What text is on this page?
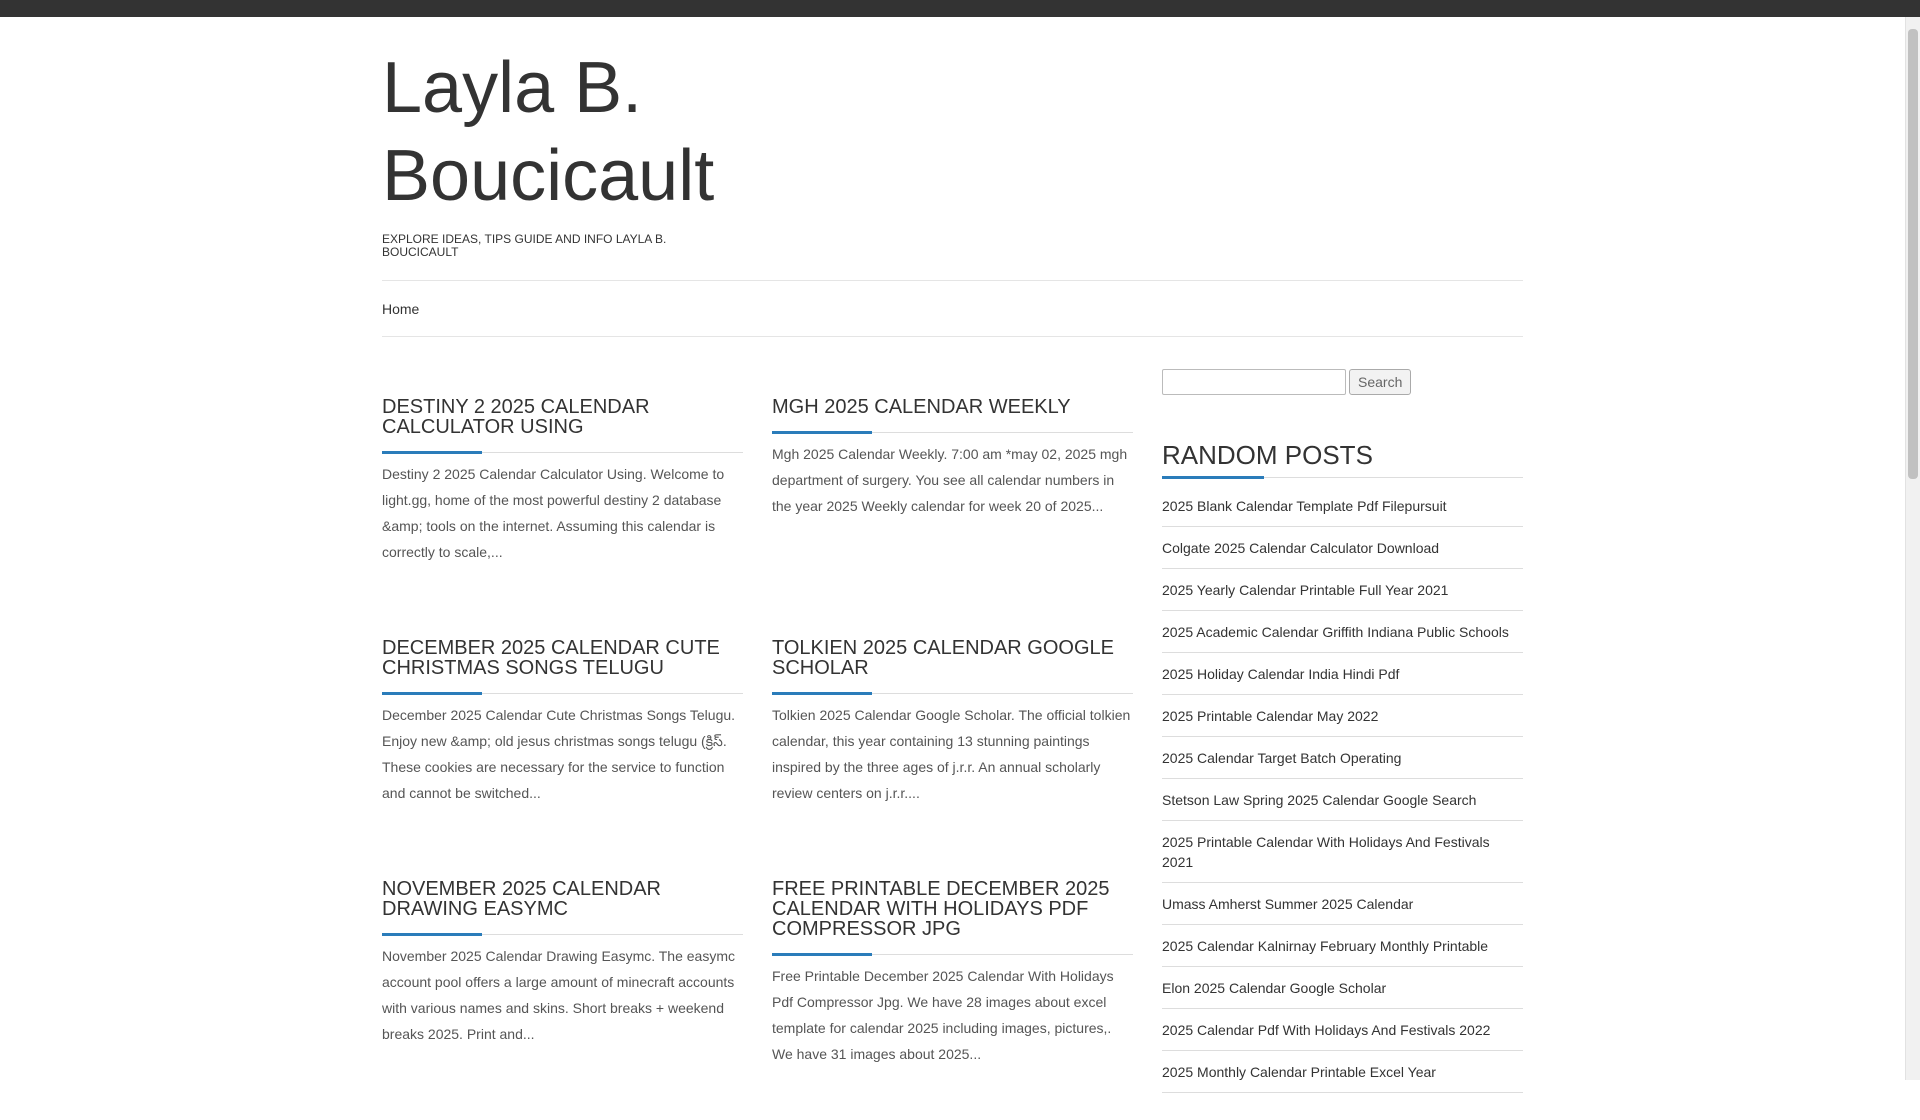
Layla B. Boucicault
EXPLORE IDEAS, TIPS GUIDE AND INFO LAYLA B. BOUCICAULT
Home
DESTINY 2 2025 CALENDAR CALCULATOR USING

Destiny 2 2025 Calendar Calculator Using. Welcome to light.gg, home of the most powerful destiny 2 database &amp; tools on the internet. Assuming this calendar is correctly to scale,...

MGH 2025 CALENDAR WEEKLY

Mgh 2025 Calendar Weekly. 7:00 am *may 02, 2025 mgh department of surgery. You see all calendar numbers in the year 2025 Weekly calendar for week 20 of 2025...

DECEMBER 2025 CALENDAR CUTE CHRISTMAS SONGS TELUGU

December 2025 Calendar Cute Christmas Songs Telugu. Enjoy new &amp; old jesus christmas songs telugu (క్రిస్. These cookies are necessary for the service to function and cannot be switched...

TOLKIEN 2025 CALENDAR GOOGLE SCHOLAR

Tolkien 2025 Calendar Google Scholar. The official tolkien calendar, this year containing 13 stunning paintings inspired by the three ages of j.r.r. An annual scholarly review centers on j.r.r....

NOVEMBER 2025 CALENDAR DRAWING EASYMC

November 2025 Calendar Drawing Easymc. The easymc account pool offers a large amount of minecraft accounts with various names and skins. Short breaks + weekend breaks 2025. Print and...

FREE PRINTABLE DECEMBER 2025 CALENDAR WITH HOLIDAYS PDF COMPRESSOR JPG

Free Printable December 2025 Calendar With Holidays Pdf Compressor Jpg. We have 28 images about excel template for calendar 2025 including images, pictures,. We have 31 images about 2025...

Search
RANDOM POSTS
2025 Blank Calendar Template Pdf Filepursuit
Colgate 2025 Calendar Calculator Download
2025 Yearly Calendar Printable Full Year 2021
2025 Academic Calendar Griffith Indiana Public Schools
2025 Holiday Calendar India Hindi Pdf
2025 Printable Calendar May 2022
2025 Calendar Target Batch Operating
Stetson Law Spring 2025 Calendar Google Search
2025 Printable Calendar With Holidays And Festivals 2021
Umass Amherst Summer 2025 Calendar
2025 Calendar Kalnirnay February Monthly Printable
Elon 2025 Calendar Google Scholar
2025 Calendar Pdf With Holidays And Festivals 2022
2025 Monthly Calendar Printable Excel Year
